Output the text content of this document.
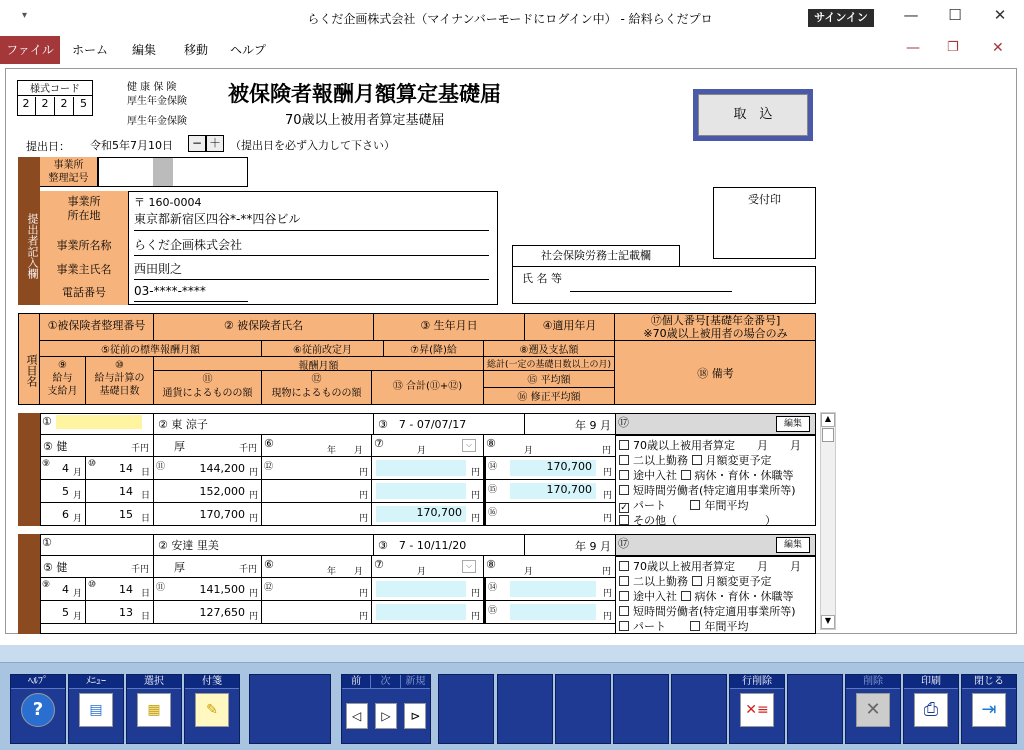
▾	らくだ企画株式会社（マイナンバーモードにログイン中） - 給料らくだプロ	サインイン	—	☐	✕
ファイル	ホーム	編集	移動	ヘルプ	— ❐ ✕
様式コード
2	2	2	5
健 康 保 険
厚生年金保険
厚生年金保険
被保険者報酬月額算定基礎届
70歳以上被用者算定基礎届	取　込
提出日： 令和5年7月10日	− ＋ （提出日を必ず入力して下さい）
提出者記入欄
事業所
整理記号
事業所
所在地
事業所名称
事業主氏名
電話番号
〒 160-0004
東京都新宿区四谷*-**四谷ビル
らくだ企画株式会社
西田則之
03-****-****
受付印
社会保険労務士記載欄
氏 名 等
項目名
①被保険者整理番号	② 被保険者氏名	③ 生年月日	④適用年月	⑰個人番号[基礎年金番号]
※70歳以上被用者の場合のみ
⑤従前の標準報酬月額	⑥従前改定月	⑦昇(降)給	⑧遡及支払額
⑨
給与
支給月
⑩
給与計算の
基礎日数
報酬月額
⑪
通貨によるものの額
⑫
現物によるものの額
⑬ 合計(⑪+⑫)
総計(一定の基礎日数以上の月)
⑮ 平均額
⑯ 修正平均額
⑱ 備考
①	② 東 涼子	③　 7 - 07/07/17	年 9 月
⑤ 健	千円	厚	千円 ⑥
年　　月
⑦
月
⌵	⑧
月	円
⑨ 4 月
⑩ 14 日
⑪	144,200 円
⑫
円	円
5 月	14 日	152,000 円	円	円
6 月	15 日	170,700 円	円	170,700 円
⑭	170,700	円
⑮	170,700	円
⑯
円
⑰	編集
70歳以上被用者算定　　月　　月
二以上勤務 月額変更予定
途中入社 病休・育休・休職等
短時間労働者(特定適用事業所等)
✓ パート	年間平均
その他（　　　　　　　　）
①	② 安達 里美	③　 7 - 10/11/20	年 9 月
⑤ 健	千円	厚	千円 ⑥
年　　月
⑦
月
⌵	⑧
月	円
⑨ 4 月
⑩ 14 日
⑪	141,500 円
⑫
円	円
5 月	13 日	127,650 円	円	円
⑭
円
⑮
円
⑰	編集
70歳以上被用者算定　　月　　月
二以上勤務 月額変更予定
途中入社 病休・育休・休職等
短時間労働者(特定適用事業所等)
パート	年間平均
▲
▼
ﾍﾙﾌﾟ
?
ﾒﾆｭｰ
▤
選択
▦
付箋
✎
前	次	新規
◁	▷	⊳
行削除
✕≡
削除
✕
印刷
⎙
閉じる
⇥
